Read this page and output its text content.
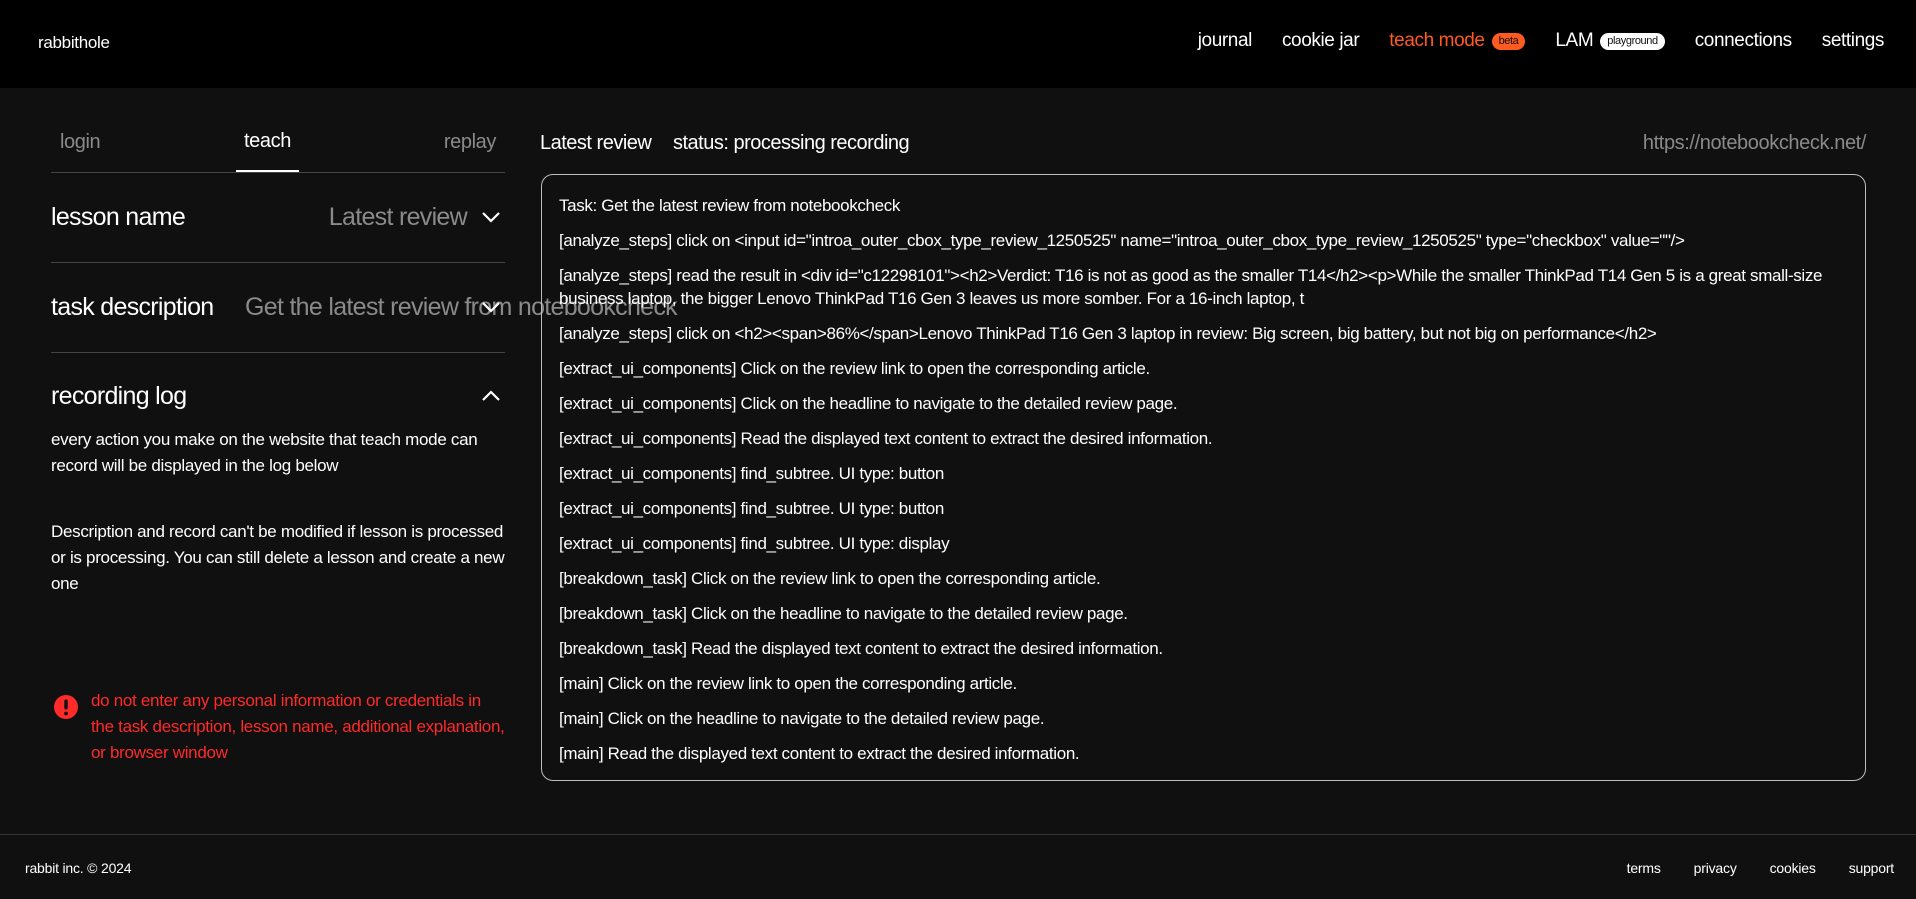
rabbithole	journal cookie jar teach mode	beta	LAM	playground	connections settings
login	teach	replay
lesson name	Latest review
task description Get the latest review from notebookcheck
recording log
every action you make on the website that teach mode can record will be displayed in the log below
Description and record can't be modified if lesson is processed or is processing. You can still delete a lesson and create a new one
do not enter any personal information or credentials in the task description, lesson name, additional explanation, or browser window
Latest review status: processing recording	https://notebookcheck.net/
Task: Get the latest review from notebookcheck
[analyze_steps] click on <input id="introa_outer_cbox_type_review_1250525" name="introa_outer_cbox_type_review_1250525" type="checkbox" value=""/>
[analyze_steps] read the result in <div id="c12298101"><h2>Verdict: T16 is not as good as the smaller T14</h2><p>While the smaller ThinkPad T14 Gen 5 is a great small-size business laptop, the bigger Lenovo ThinkPad T16 Gen 3 leaves us more somber. For a 16-inch laptop, t
[analyze_steps] click on <h2><span>86%</span>Lenovo ThinkPad T16 Gen 3 laptop in review: Big screen, big battery, but not big on performance</h2>
[extract_ui_components] Click on the review link to open the corresponding article.
[extract_ui_components] Click on the headline to navigate to the detailed review page.
[extract_ui_components] Read the displayed text content to extract the desired information.
[extract_ui_components] find_subtree. UI type: button
[extract_ui_components] find_subtree. UI type: button
[extract_ui_components] find_subtree. UI type: display
[breakdown_task] Click on the review link to open the corresponding article.
[breakdown_task] Click on the headline to navigate to the detailed review page.
[breakdown_task] Read the displayed text content to extract the desired information.
[main] Click on the review link to open the corresponding article.
[main] Click on the headline to navigate to the detailed review page.
[main] Read the displayed text content to extract the desired information.
rabbit inc. © 2024	terms privacy cookies support
